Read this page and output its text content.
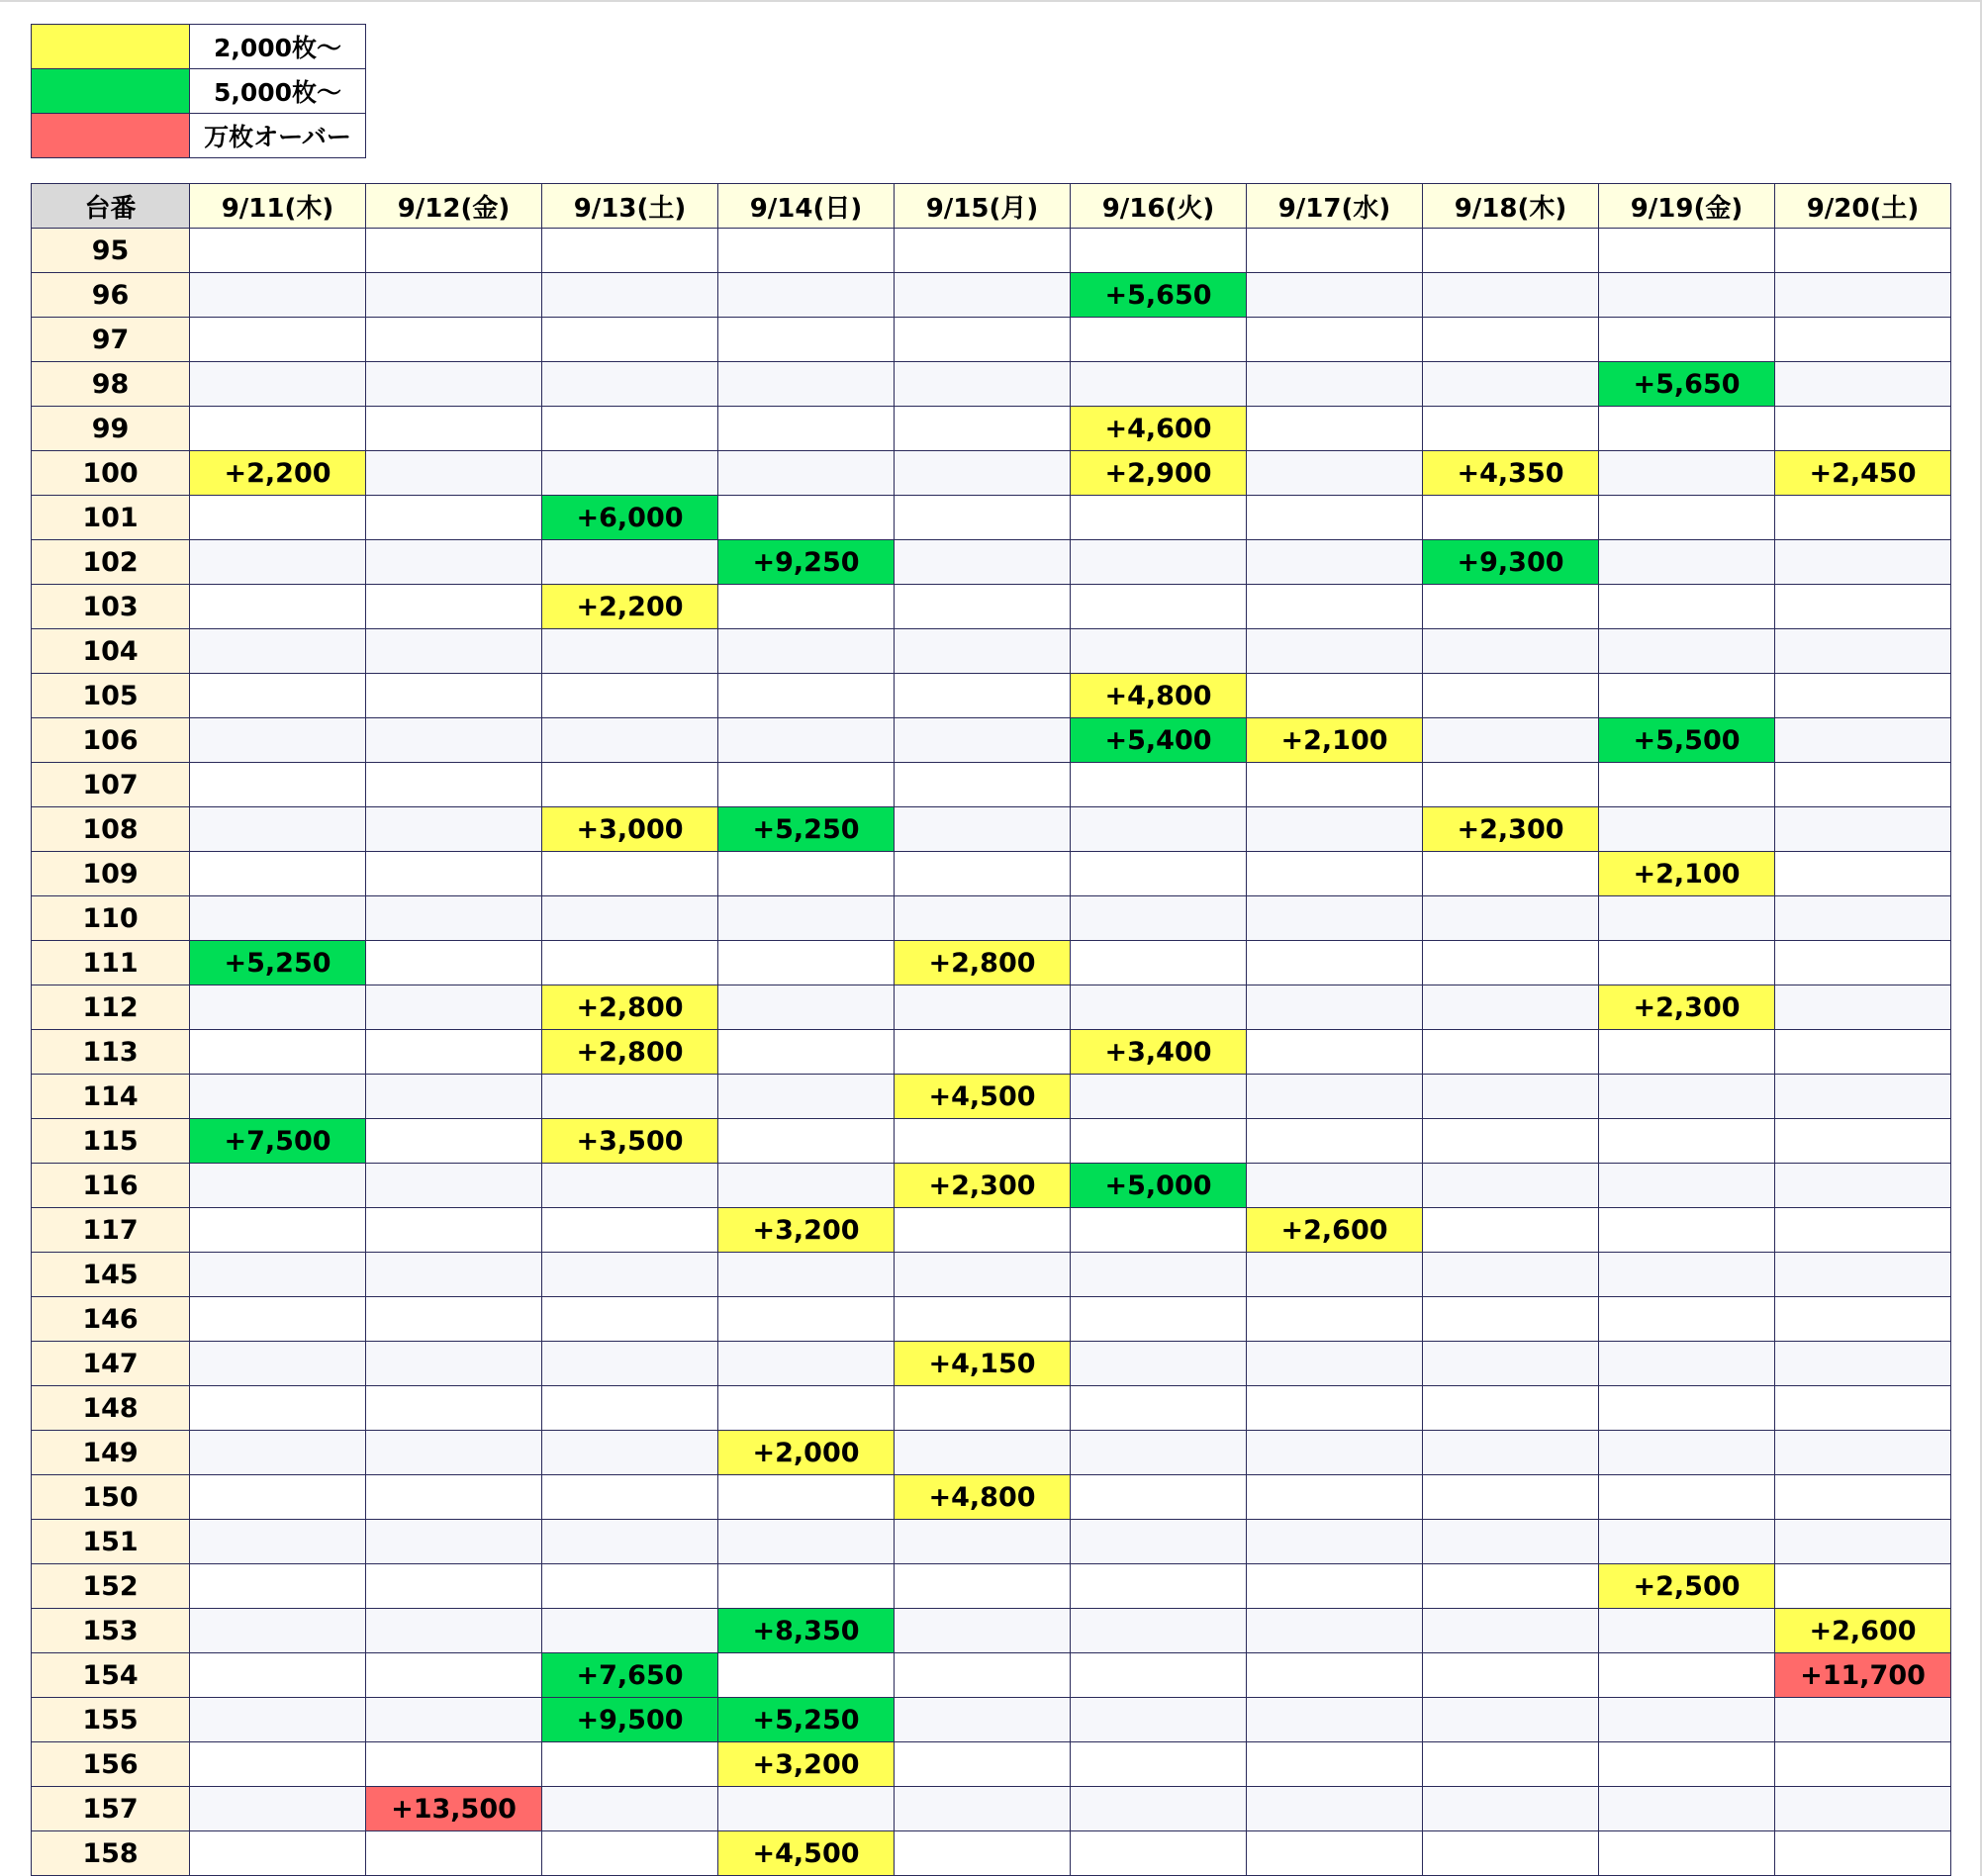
	2,000枚〜
	5,000枚〜
	万枚オーバー
台番	9/11(木)	9/12(金)	9/13(土)	9/14(日)	9/15(月)	9/16(火)	9/17(水)	9/18(木)	9/19(金)	9/20(土)
95										
96						+5,650				
97										
98									+5,650	
99						+4,600				
100	+2,200					+2,900		+4,350		+2,450
101			+6,000							
102				+9,250				+9,300		
103			+2,200							
104										
105						+4,800				
106						+5,400	+2,100		+5,500	
107										
108			+3,000	+5,250				+2,300		
109									+2,100	
110										
111	+5,250				+2,800					
112			+2,800						+2,300	
113			+2,800			+3,400				
114					+4,500					
115	+7,500		+3,500							
116					+2,300	+5,000				
117				+3,200			+2,600			
145										
146										
147					+4,150					
148										
149				+2,000						
150					+4,800					
151										
152									+2,500	
153				+8,350						+2,600
154			+7,650							+11,700
155			+9,500	+5,250						
156				+3,200						
157		+13,500								
158				+4,500						
